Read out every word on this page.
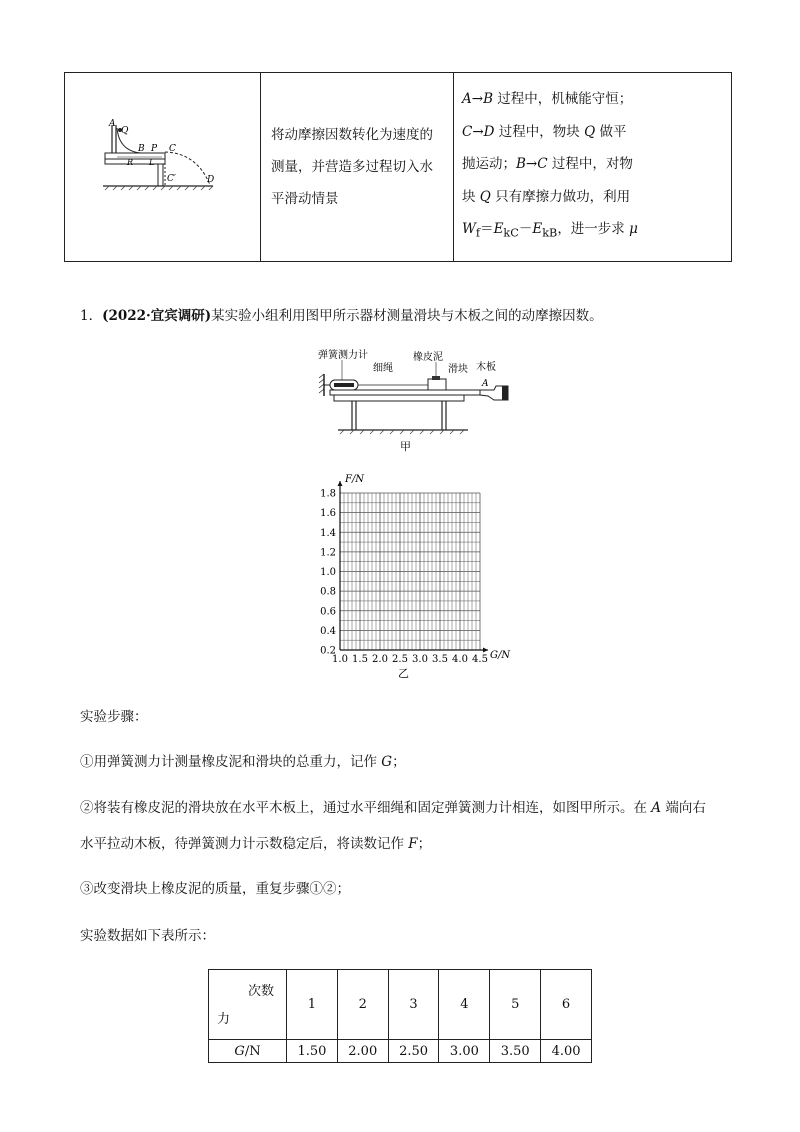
A
Q
B P C
R L
C′	D

将动摩擦因数转化为速度的
测量，并营造多过程切入水
平滑动情景

A→B 过程中，机械能守恒；
C→D 过程中，物块 Q 做平
抛运动；B→C 过程中，对物
块 Q 只有摩擦力做功，利用
$W_f=E_{kC}-E_{kB}$，进一步求 μ
1．(2022·宜宾调研)某实验小组利用图甲所示器材测量滑块与木板之间的动摩擦因数。
弹簧测力计
细绳
橡皮泥
滑块 木板
A
甲
0.2
0.4
0.6
0.8
1.0
1.2
1.4
1.6
1.8
1.0 1.5 2.0 2.5 3.0 3.5 4.0 4.5
F/N
G/N
乙
实验步骤：
①用弹簧测力计测量橡皮泥和滑块的总重力，记作 G；
②将装有橡皮泥的滑块放在水平木板上，通过水平细绳和固定弹簧测力计相连，如图甲所示。在 A 端向右
水平拉动木板，待弹簧测力计示数稳定后，将读数记作 F；
③改变滑块上橡皮泥的质量，重复步骤①②；
实验数据如下表所示：
次数
力	1	2	3	4	5	6
G/N	1.50	2.00	2.50	3.00	3.50	4.00
